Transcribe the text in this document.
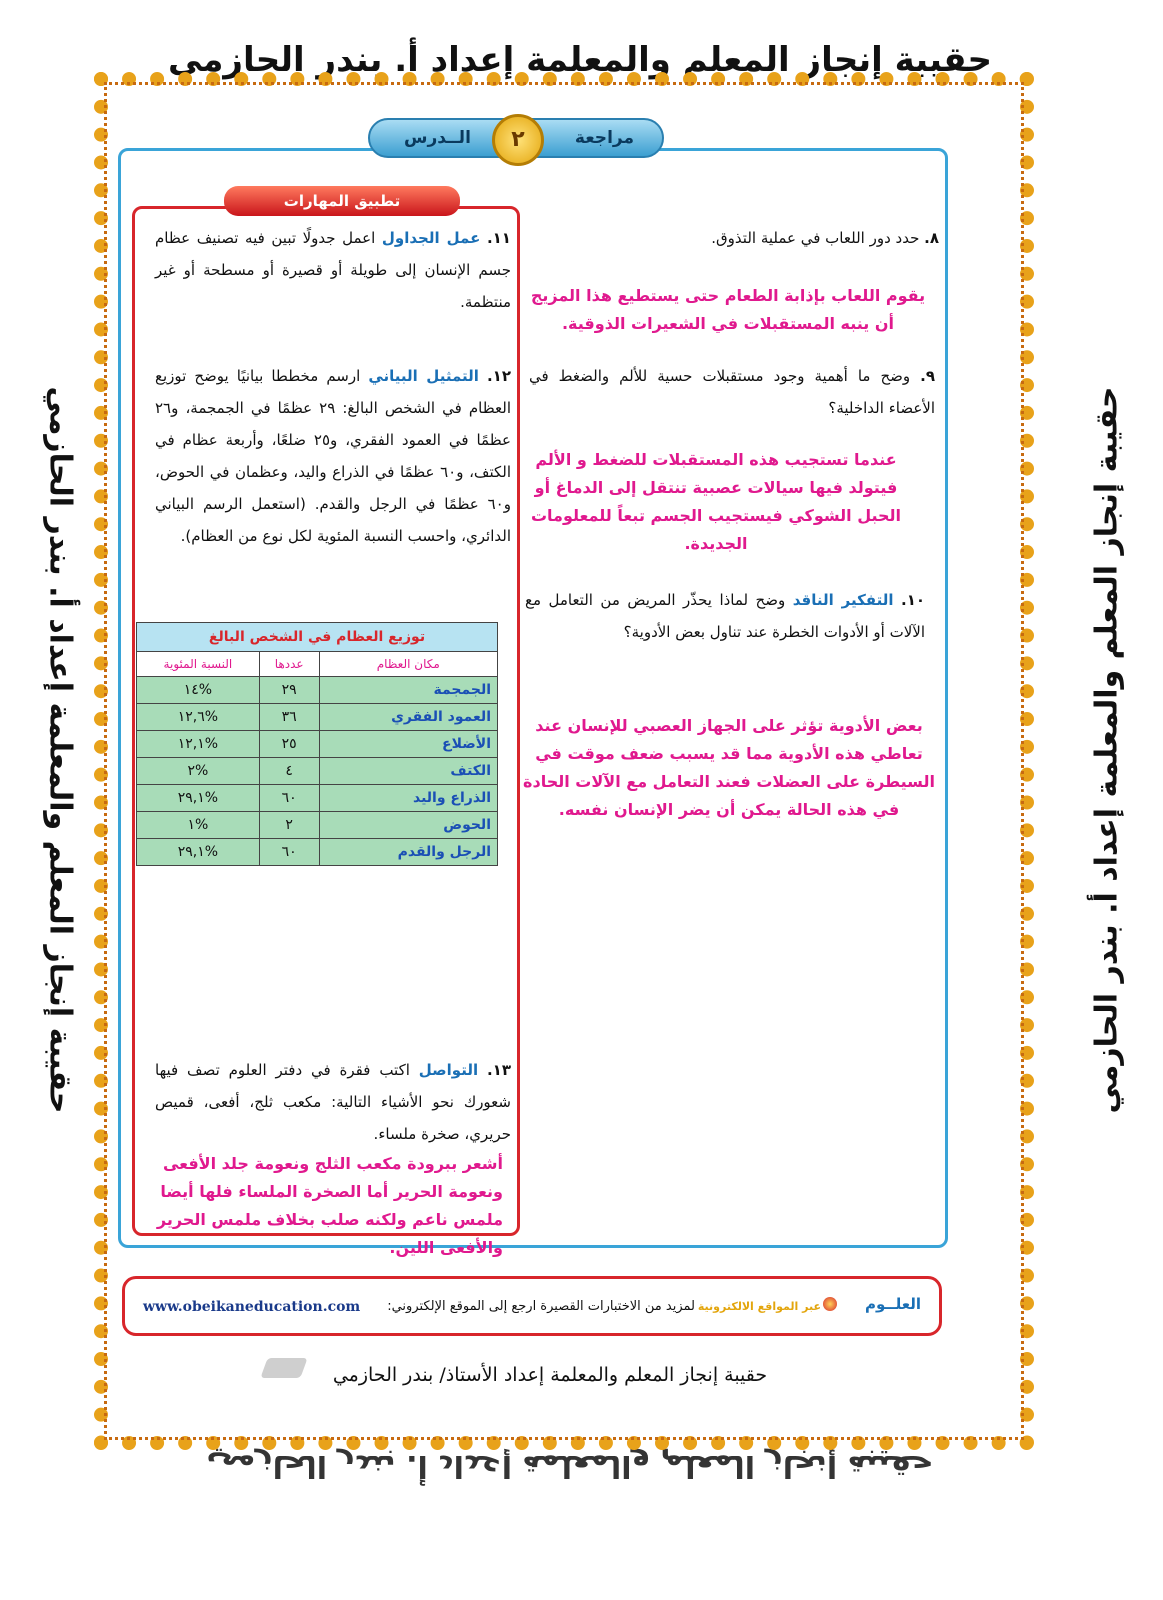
حقيبة إنجاز المعلم والمعلمة إعداد أ. بندر الحازمي
حقيبة إنجاز المعلم والمعلمة إعداد أ. بندر الحازمي
حقيبة إنجاز المعلم والمعلمة إعداد أ. بندر الحازمي	حقيبة إنجاز المعلم والمعلمة إعداد أ. بندر الحازمي
مراجعة
الــدرس	٢
٨. حدد دور اللعاب في عملية التذوق.
يقوم اللعاب بإذابة الطعام حتى يستطيع هذا المزيج أن ينبه المستقبلات في الشعيرات الذوقية.
٩. وضح ما أهمية وجود مستقبلات حسية للألم والضغط في الأعضاء الداخلية؟
عندما تستجيب هذه المستقبلات للضغط و الألم فيتولد فيها سيالات عصبية تنتقل إلى الدماغ أو الحبل الشوكي فيستجيب الجسم تبعاً للمعلومات الجديدة.
١٠. التفكير الناقد وضح لماذا يحذّر المريض من التعامل مع الآلات أو الأدوات الخطرة عند تناول بعض الأدوية؟
بعض الأدوية تؤثر على الجهاز العصبي للإنسان عند تعاطي هذه الأدوية مما قد يسبب ضعف موقت في السيطرة على العضلات فعند التعامل مع الآلات الحادة في هذه الحالة يمكن أن يضر الإنسان نفسه.
تطبيق المهارات
١١. عمل الجداول اعمل جدولًا تبين فيه تصنيف عظام جسم الإنسان إلى طويلة أو قصيرة أو مسطحة أو غير منتظمة.
١٢. التمثيل البياني ارسم مخططا بيانيًا يوضح توزيع العظام في الشخص البالغ: ٢٩ عظمًا في الجمجمة، و٢٦ عظمًا في العمود الفقري، و٢٥ ضلعًا، وأربعة عظام في الكتف، و٦٠ عظمًا في الذراع واليد، وعظمان في الحوض، و٦٠ عظمًا في الرجل والقدم. (استعمل الرسم البياني الدائري، واحسب النسبة المئوية لكل نوع من العظام).
توزيع العظام في الشخص البالغ
مكان العظام	عددها	النسبة المئوية
الجمجمة	٢٩	%١٤
العمود الفقري	٣٦	%١٢,٦
الأضلاع	٢٥	%١٢,١
الكتف	٤	%٢
الذراع واليد	٦٠	%٢٩,١
الحوض	٢	%١
الرجل والقدم	٦٠	%٢٩,١
١٣. التواصل اكتب فقرة في دفتر العلوم تصف فيها شعورك نحو الأشياء التالية: مكعب ثلج، أفعى، قميص حريري، صخرة ملساء.
أشعر ببرودة مكعب الثلج ونعومة جلد الأفعى ونعومة الحرير أما الصخرة الملساء فلها أيضا ملمس ناعم ولكنه صلب بخلاف ملمس الحرير والأفعى اللين.
العلــوم
عبر المواقع الالكترونية
لمزيد من الاختبارات القصيرة ارجع إلى الموقع الإلكتروني:
www.obeikaneducation.com
حقيبة إنجاز المعلم والمعلمة إعداد الأستاذ/ بندر الحازمي
